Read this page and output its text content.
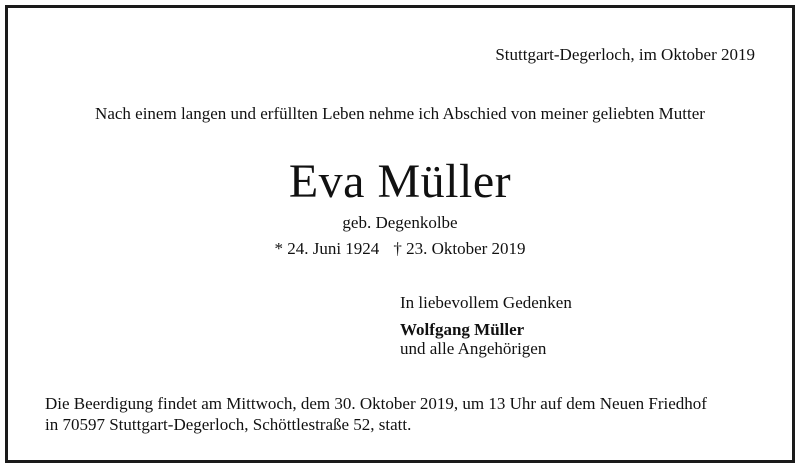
Stuttgart-Degerloch, im Oktober 2019

Nach einem langen und erfüllten Leben nehme ich Abschied von meiner geliebten Mutter

Eva Müller

geb. Degenkolbe

* 24. Juni 1924 † 23. Oktober 2019

In liebevollem Gedenken

Wolfgang Müller

und alle Angehörigen

Die Beerdigung findet am Mittwoch, dem 30. Oktober 2019, um 13 Uhr auf dem Neuen Friedhof
in 70597 Stuttgart-Degerloch, Schöttlestraße 52, statt.
